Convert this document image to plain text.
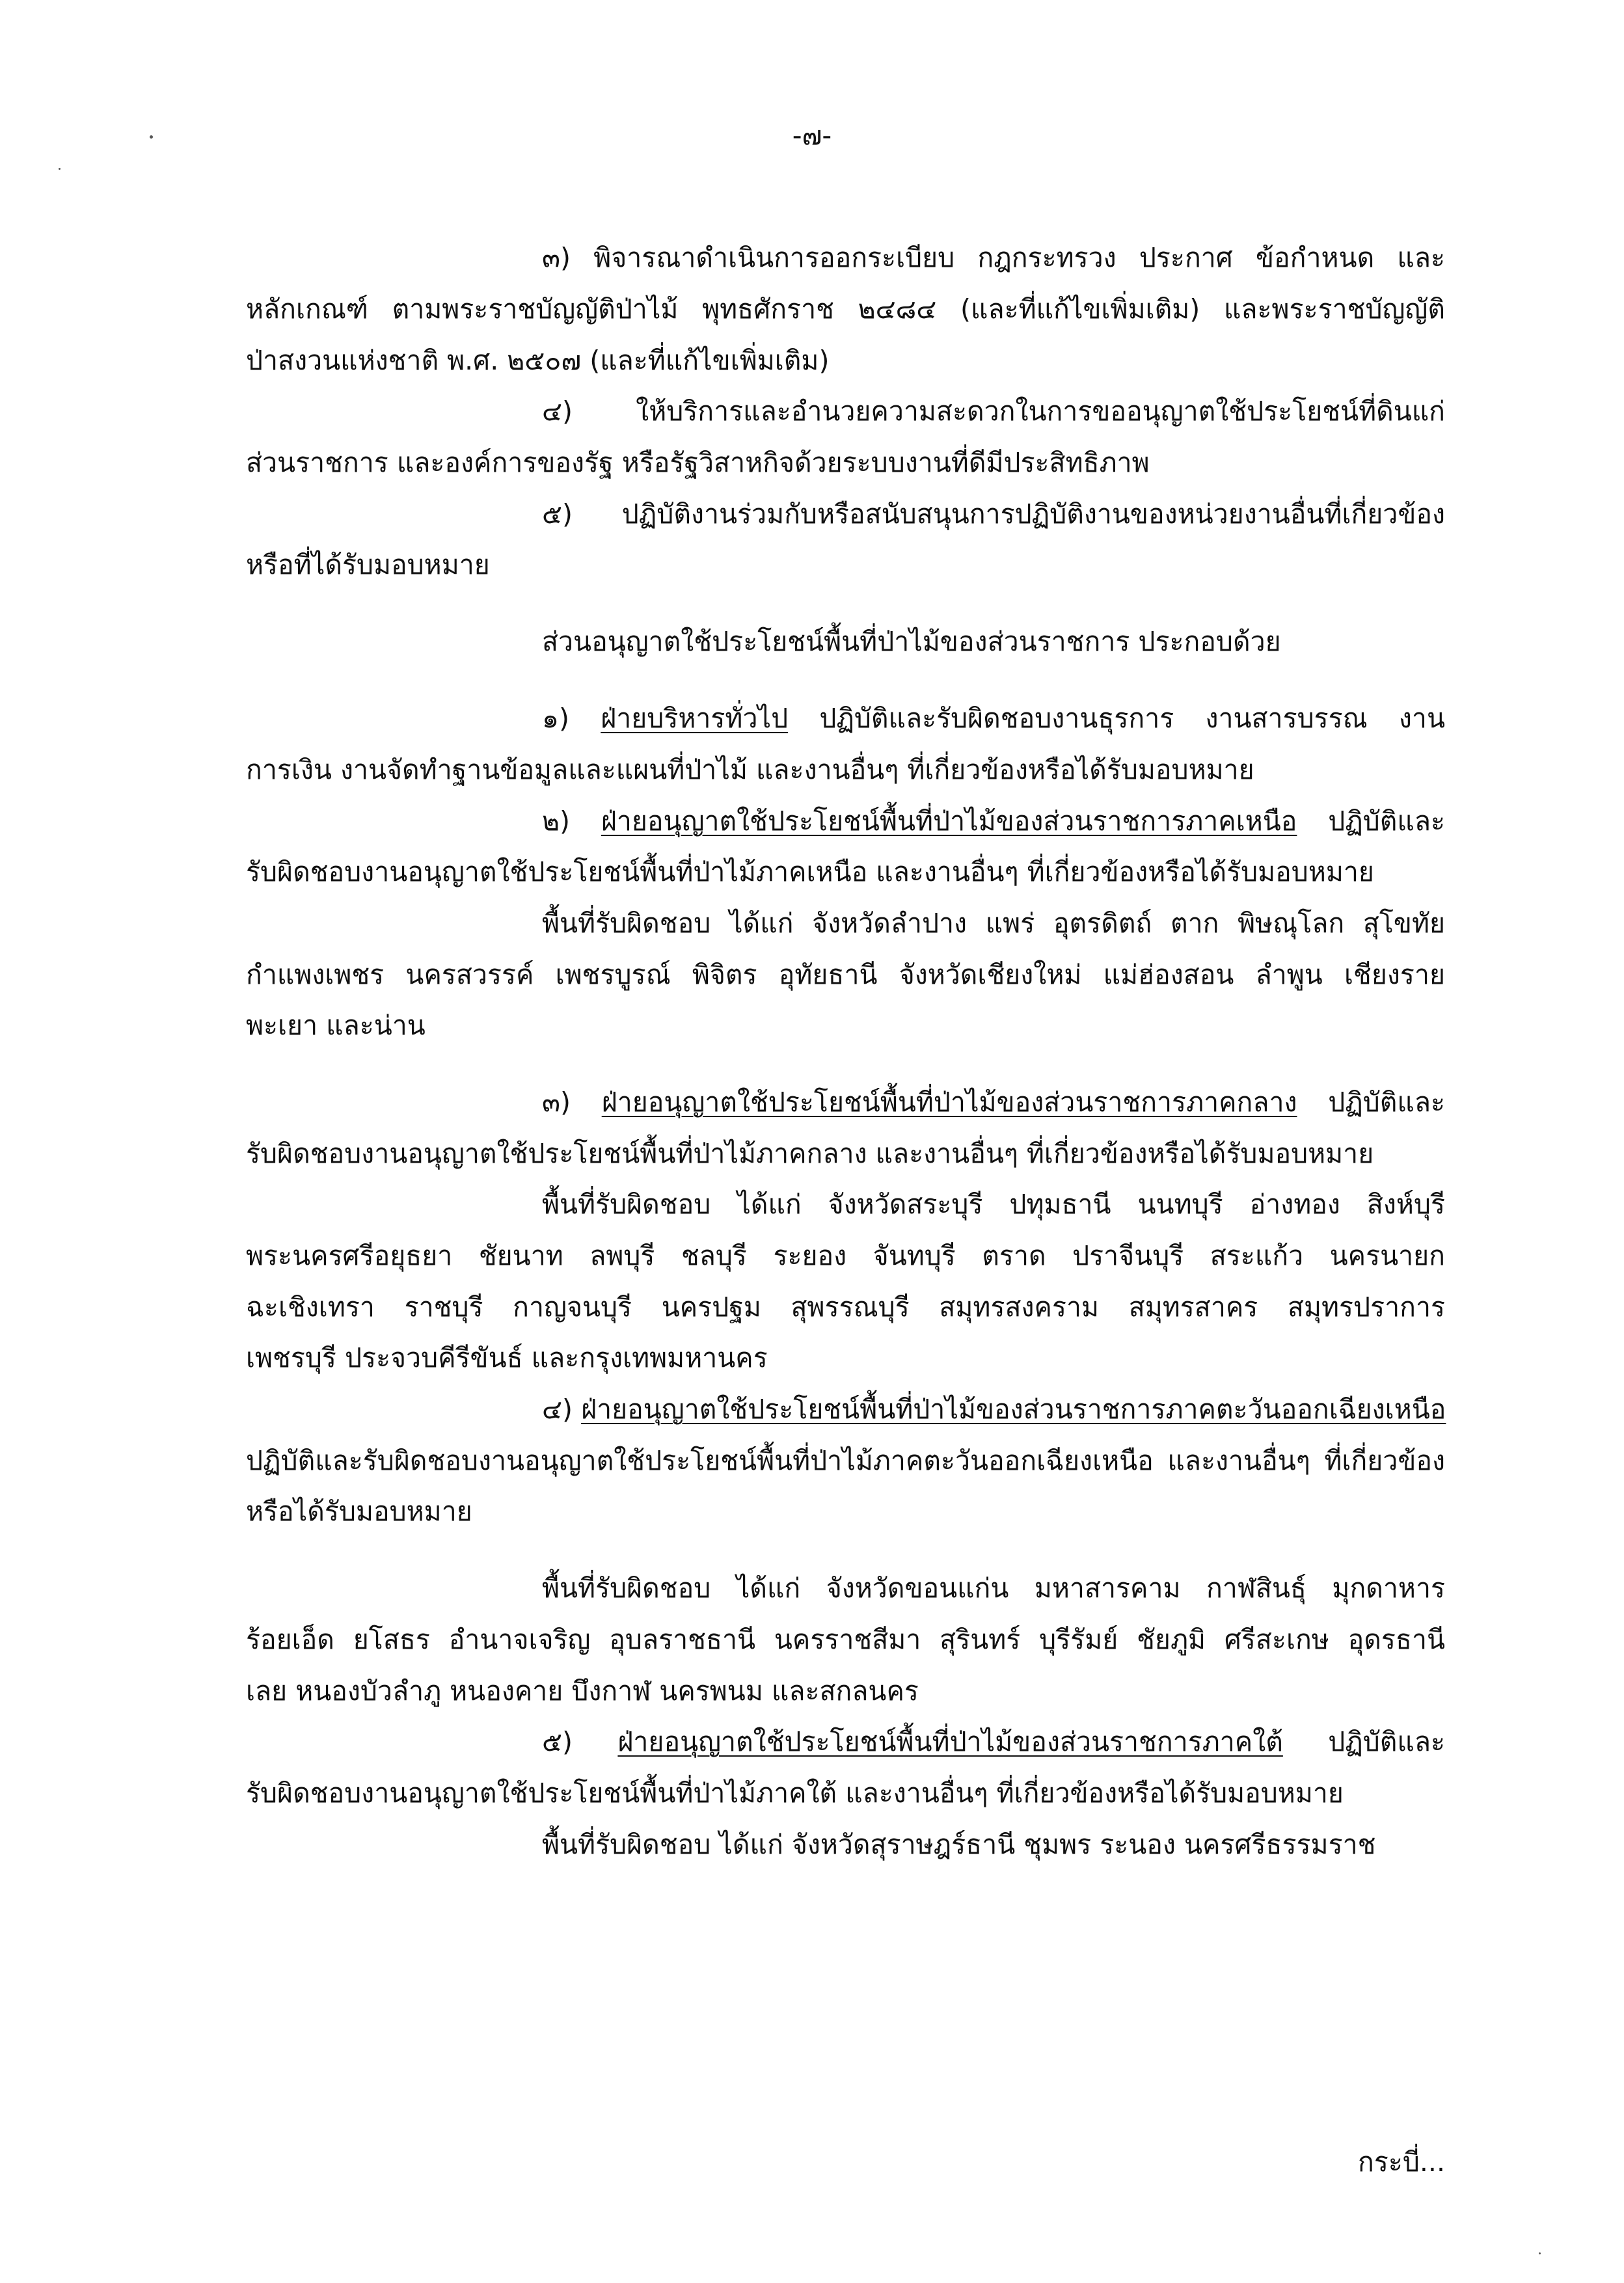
-๗-
๓) พิจารณาดำเนินการออกระเบียบ กฎกระทรวง ประกาศ ข้อกำหนด และ
หลักเกณฑ์ ตามพระราชบัญญัติป่าไม้ พุทธศักราช ๒๔๘๔ (และที่แก้ไขเพิ่มเติม) และพระราชบัญญัติ
ป่าสงวนแห่งชาติ พ.ศ. ๒๕๐๗ (และที่แก้ไขเพิ่มเติม)
๔) ให้บริการและอำนวยความสะดวกในการขออนุญาตใช้ประโยชน์ที่ดินแก่
ส่วนราชการ และองค์การของรัฐ หรือรัฐวิสาหกิจด้วยระบบงานที่ดีมีประสิทธิภาพ
๕) ปฏิบัติงานร่วมกับหรือสนับสนุนการปฏิบัติงานของหน่วยงานอื่นที่เกี่ยวข้อง
หรือที่ได้รับมอบหมาย
ส่วนอนุญาตใช้ประโยชน์พื้นที่ป่าไม้ของส่วนราชการ ประกอบด้วย
๑) ฝ่ายบริหารทั่วไป ปฏิบัติและรับผิดชอบงานธุรการ งานสารบรรณ งาน
การเงิน งานจัดทำฐานข้อมูลและแผนที่ป่าไม้ และงานอื่นๆ ที่เกี่ยวข้องหรือได้รับมอบหมาย
๒) ฝ่ายอนุญาตใช้ประโยชน์พื้นที่ป่าไม้ของส่วนราชการภาคเหนือ ปฏิบัติและ
รับผิดชอบงานอนุญาตใช้ประโยชน์พื้นที่ป่าไม้ภาคเหนือ และงานอื่นๆ ที่เกี่ยวข้องหรือได้รับมอบหมาย
พื้นที่รับผิดชอบ ได้แก่ จังหวัดลำปาง แพร่ อุตรดิตถ์ ตาก พิษณุโลก สุโขทัย
กำแพงเพชร นครสวรรค์ เพชรบูรณ์ พิจิตร อุทัยธานี จังหวัดเชียงใหม่ แม่ฮ่องสอน ลำพูน เชียงราย
พะเยา และน่าน
๓) ฝ่ายอนุญาตใช้ประโยชน์พื้นที่ป่าไม้ของส่วนราชการภาคกลาง ปฏิบัติและ
รับผิดชอบงานอนุญาตใช้ประโยชน์พื้นที่ป่าไม้ภาคกลาง และงานอื่นๆ ที่เกี่ยวข้องหรือได้รับมอบหมาย
พื้นที่รับผิดชอบ ได้แก่ จังหวัดสระบุรี ปทุมธานี นนทบุรี อ่างทอง สิงห์บุรี
พระนครศรีอยุธยา ชัยนาท ลพบุรี ชลบุรี ระยอง จันทบุรี ตราด ปราจีนบุรี สระแก้ว นครนายก
ฉะเชิงเทรา ราชบุรี กาญจนบุรี นครปฐม สุพรรณบุรี สมุทรสงคราม สมุทรสาคร สมุทรปราการ
เพชรบุรี ประจวบคีรีขันธ์ และกรุงเทพมหานคร
๔) ฝ่ายอนุญาตใช้ประโยชน์พื้นที่ป่าไม้ของส่วนราชการภาคตะวันออกเฉียงเหนือ
ปฏิบัติและรับผิดชอบงานอนุญาตใช้ประโยชน์พื้นที่ป่าไม้ภาคตะวันออกเฉียงเหนือ และงานอื่นๆ ที่เกี่ยวข้อง
หรือได้รับมอบหมาย
พื้นที่รับผิดชอบ ได้แก่ จังหวัดขอนแก่น มหาสารคาม กาฬสินธุ์ มุกดาหาร
ร้อยเอ็ด ยโสธร อำนาจเจริญ อุบลราชธานี นครราชสีมา สุรินทร์ บุรีรัมย์ ชัยภูมิ ศรีสะเกษ อุดรธานี
เลย หนองบัวลำภู หนองคาย บึงกาฬ นครพนม และสกลนคร
๕) ฝ่ายอนุญาตใช้ประโยชน์พื้นที่ป่าไม้ของส่วนราชการภาคใต้ ปฏิบัติและ
รับผิดชอบงานอนุญาตใช้ประโยชน์พื้นที่ป่าไม้ภาคใต้ และงานอื่นๆ ที่เกี่ยวข้องหรือได้รับมอบหมาย
พื้นที่รับผิดชอบ ได้แก่ จังหวัดสุราษฎร์ธานี ชุมพร ระนอง นครศรีธรรมราช
กระบี่...
